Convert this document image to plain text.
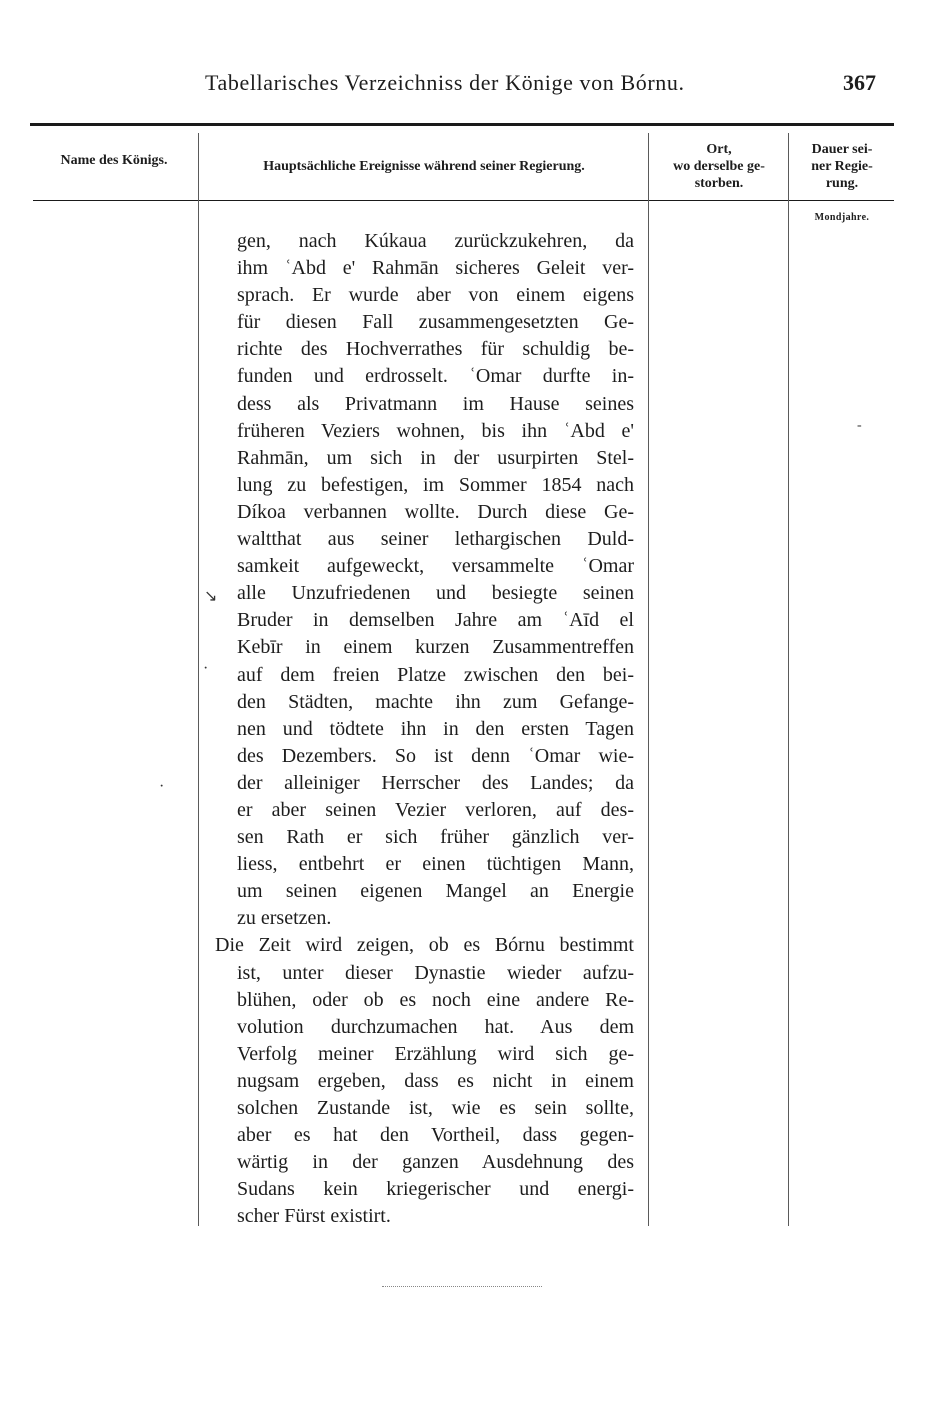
Tabellarisches Verzeichniss der Könige von Bórnu.	367
Name des Königs.	Hauptsächliche Ereignisse während seiner Regierung.
Ort,
wo derselbe ge-
storben.
Dauer sei-
ner Regie-
rung.
Mondjahre.
gen, nach Kúkaua zurückzukehren, da
ihm ʿAbd e' Rahmān sicheres Geleit ver-
sprach. Er wurde aber von einem eigens
für diesen Fall zusammengesetzten Ge-
richte des Hochverrathes für schuldig be-
funden und erdrosselt. ʿOmar durfte in-
dess als Privatmann im Hause seines
früheren Veziers wohnen, bis ihn ʿAbd e'
Rahmān, um sich in der usurpirten Stel-
lung zu befestigen, im Sommer 1854 nach
Díkoa verbannen wollte. Durch diese Ge-
waltthat aus seiner lethargischen Duld-
samkeit aufgeweckt, versammelte ʿOmar
alle Unzufriedenen und besiegte seinen
Bruder in demselben Jahre am ʿAīd el
Kebīr in einem kurzen Zusammentreffen
auf dem freien Platze zwischen den bei-
den Städten, machte ihn zum Gefange-
nen und tödtete ihn in den ersten Tagen
des Dezembers. So ist denn ʿOmar wie-
der alleiniger Herrscher des Landes; da
er aber seinen Vezier verloren, auf des-
sen Rath er sich früher gänzlich ver-
liess, entbehrt er einen tüchtigen Mann,
um seinen eigenen Mangel an Energie
zu ersetzen.
Die Zeit wird zeigen, ob es Bórnu bestimmt
ist, unter dieser Dynastie wieder aufzu-
blühen, oder ob es noch eine andere Re-
volution durchzumachen hat. Aus dem
Verfolg meiner Erzählung wird sich ge-
nugsam ergeben, dass es nicht in einem
solchen Zustande ist, wie es sein sollte,
aber es hat den Vortheil, dass gegen-
wärtig in der ganzen Ausdehnung des
Sudans kein kriegerischer und energi-
scher Fürst existirt.
↘
·
·
-
